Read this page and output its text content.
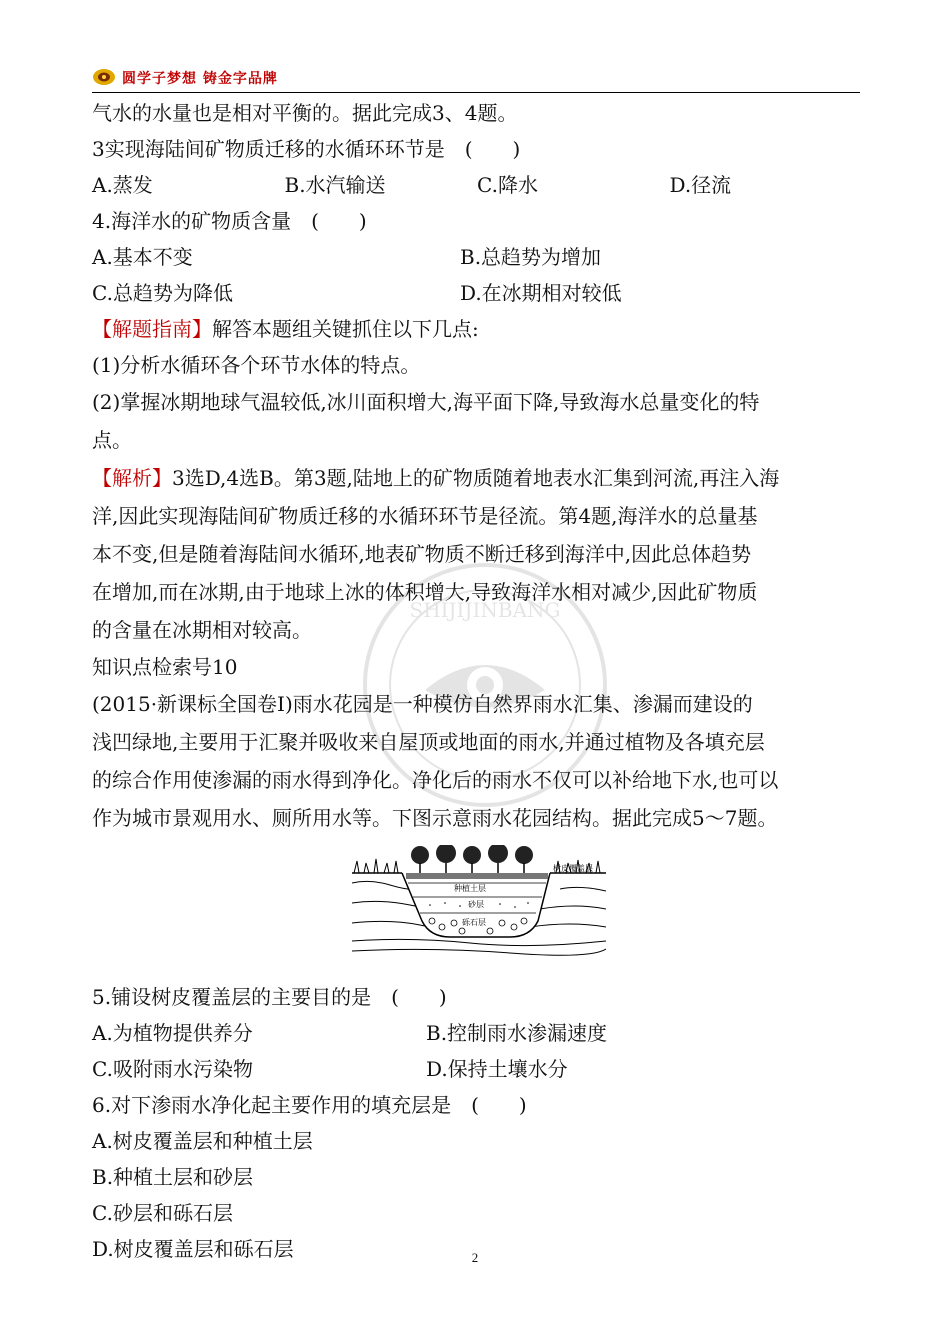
圆学子梦想 铸金字品牌
SHIJIJINBANG
气水的水量也是相对平衡的。据此完成3、4题。
3实现海陆间矿物质迁移的水循环环节是　(　　)
A.蒸发	B.水汽输送	C.降水	D.径流
4.海洋水的矿物质含量　(　　)
A.基本不变	B.总趋势为增加
C.总趋势为降低	D.在冰期相对较低
【解题指南】解答本题组关键抓住以下几点:
(1)分析水循环各个环节水体的特点。
(2)掌握冰期地球气温较低,冰川面积增大,海平面下降,导致海水总量变化的特
点。
【解析】3选D,4选B。第3题,陆地上的矿物质随着地表水汇集到河流,再注入海
洋,因此实现海陆间矿物质迁移的水循环环节是径流。第4题,海洋水的总量基
本不变,但是随着海陆间水循环,地表矿物质不断迁移到海洋中,因此总体趋势
在增加,而在冰期,由于地球上冰的体积增大,导致海洋水相对减少,因此矿物质
的含量在冰期相对较高。
知识点检索号10
(2015·新课标全国卷Ⅰ)雨水花园是一种模仿自然界雨水汇集、渗漏而建设的
浅凹绿地,主要用于汇聚并吸收来自屋顶或地面的雨水,并通过植物及各填充层
的综合作用使渗漏的雨水得到净化。净化后的雨水不仅可以补给地下水,也可以
作为城市景观用水、厕所用水等。下图示意雨水花园结构。据此完成5～7题。
树皮覆盖层
种植土层
砂层
砾石层
5.铺设树皮覆盖层的主要目的是　(　　)
A.为植物提供养分	B.控制雨水渗漏速度
C.吸附雨水污染物	D.保持土壤水分
6.对下渗雨水净化起主要作用的填充层是　(　　)
A.树皮覆盖层和种植土层
B.种植土层和砂层
C.砂层和砾石层
D.树皮覆盖层和砾石层	2
